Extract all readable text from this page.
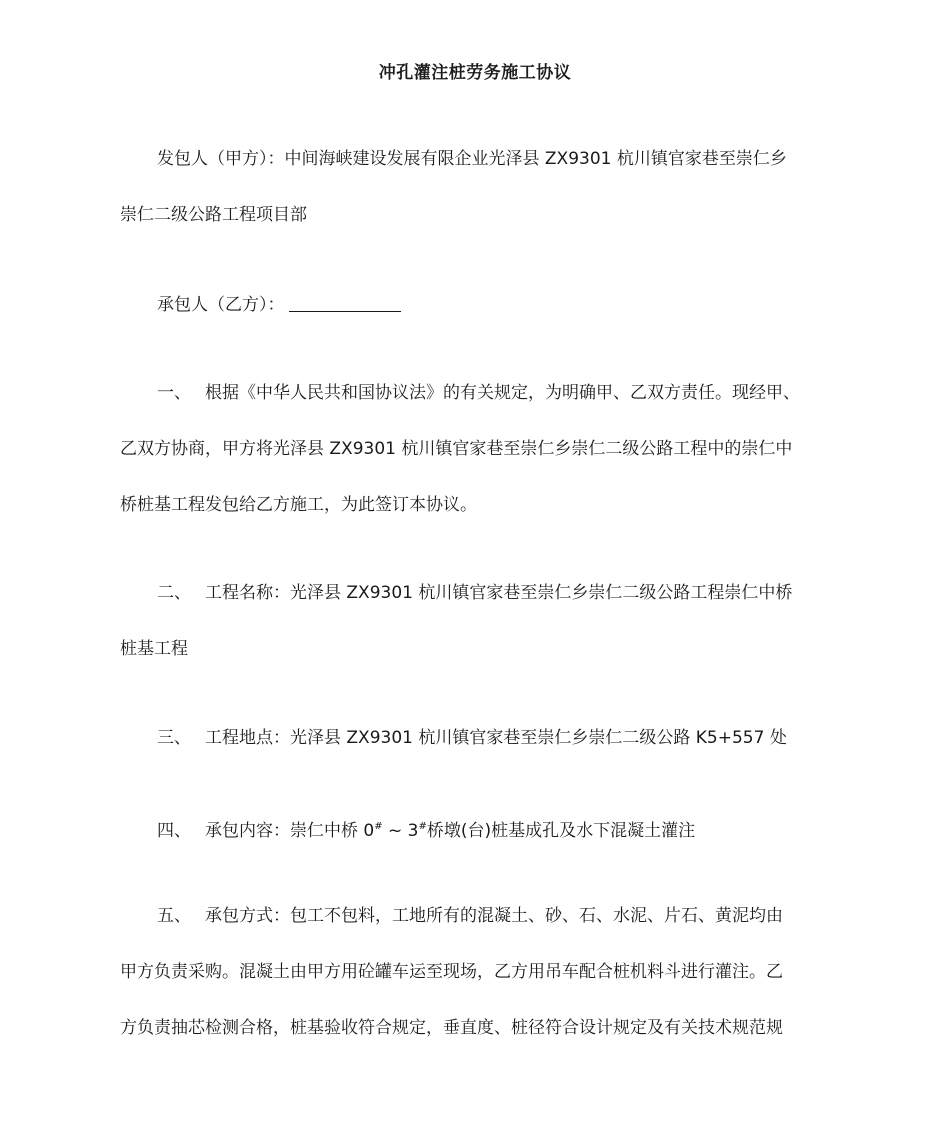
冲孔灌注桩劳务施工协议
发包人（甲方）：中间海峡建设发展有限企业光泽县 ZX9301 杭川镇官家巷至崇仁乡
崇仁二级公路工程项目部
承包人（乙方）：
一、 根据《中华人民共和国协议法》的有关规定，为明确甲、乙双方责任。现经甲、
乙双方协商，甲方将光泽县 ZX9301 杭川镇官家巷至崇仁乡崇仁二级公路工程中的崇仁中
桥桩基工程发包给乙方施工，为此签订本协议。
二、 工程名称：光泽县 ZX9301 杭川镇官家巷至崇仁乡崇仁二级公路工程崇仁中桥
桩基工程
三、 工程地点：光泽县 ZX9301 杭川镇官家巷至崇仁乡崇仁二级公路 K5+557 处
四、 承包内容：崇仁中桥 0# ~ 3#桥墩(台)桩基成孔及水下混凝土灌注
五、 承包方式：包工不包料，工地所有的混凝土、砂、石、水泥、片石、黄泥均由
甲方负责采购。混凝土由甲方用砼罐车运至现场，乙方用吊车配合桩机料斗进行灌注。乙
方负责抽芯检测合格，桩基验收符合规定，垂直度、桩径符合设计规定及有关技术规范规
